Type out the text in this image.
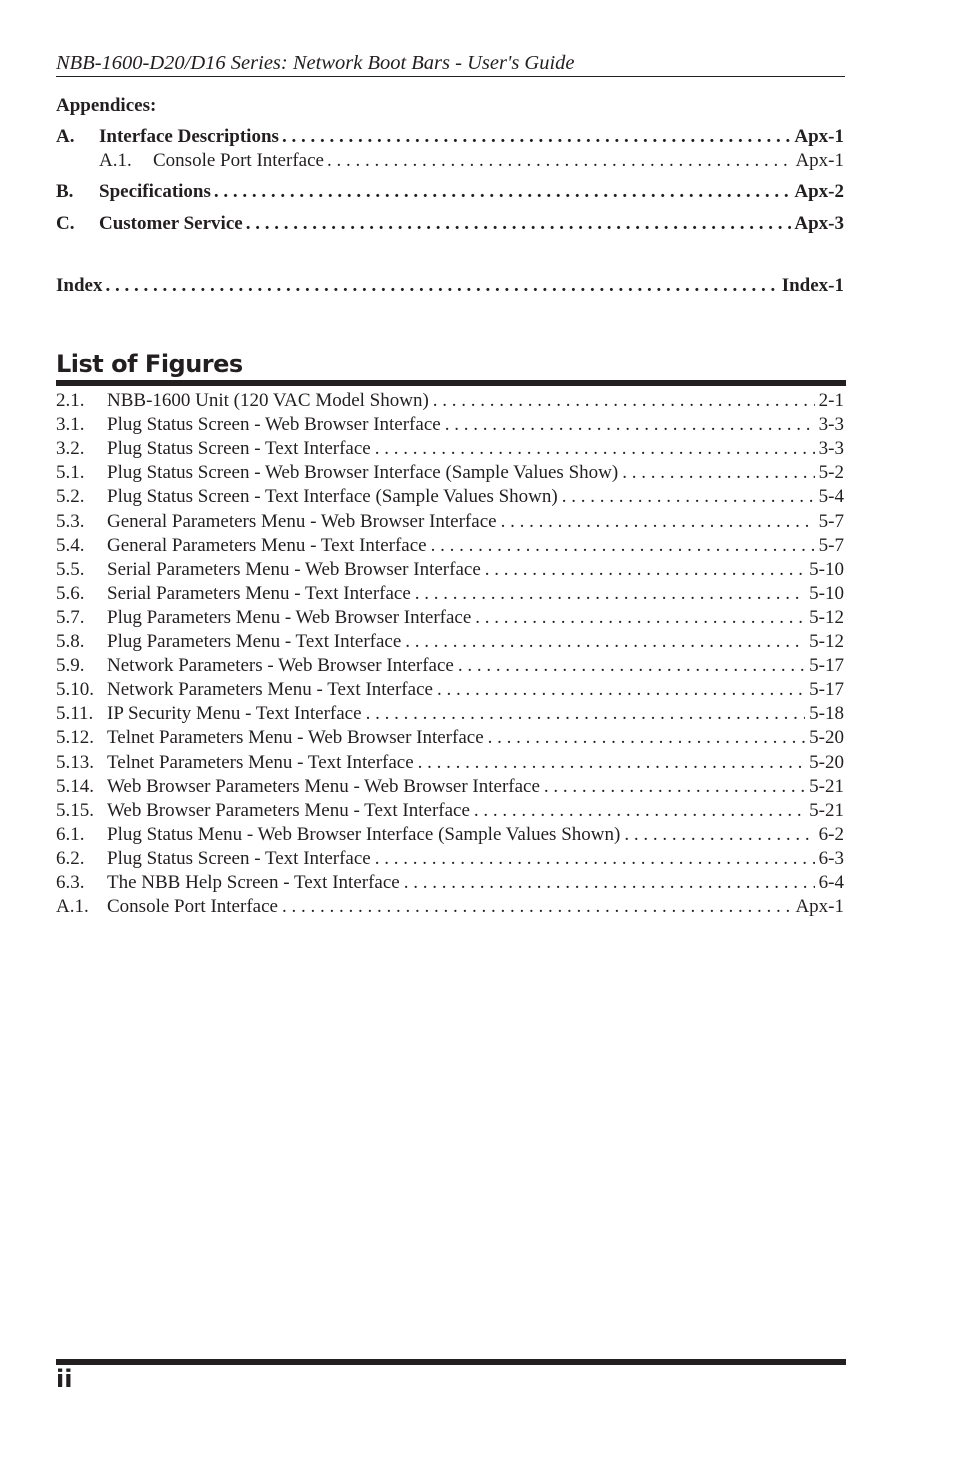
NBB-1600-D20/D16 Series: Network Boot Bars - User's Guide
Appendices:
A.	Interface Descriptions . . .	Apx-1
A.1.	Console Port Interface . . .	Apx-1
B.	Specifications . . .	Apx-2
C.	Customer Service . . .	Apx-3
Index . . .	Index-1
List of Figures
2.1.	NBB-1600 Unit (120 VAC Model Shown) . . .	2-1
3.1.	Plug Status Screen - Web Browser Interface . . .	3-3
3.2.	Plug Status Screen - Text Interface . . .	3-3
5.1.	Plug Status Screen - Web Browser Interface (Sample Values Show) . . .	5-2
5.2.	Plug Status Screen - Text Interface (Sample Values Shown) . . .	5-4
5.3.	General Parameters Menu - Web Browser Interface . . .	5-7
5.4.	General Parameters Menu - Text Interface . . .	5-7
5.5.	Serial Parameters Menu - Web Browser Interface . . .	5-10
5.6.	Serial Parameters Menu - Text Interface . . .	5-10
5.7.	Plug Parameters Menu - Web Browser Interface . . .	5-12
5.8.	Plug Parameters Menu - Text Interface . . .	5-12
5.9.	Network Parameters - Web Browser Interface . . .	5-17
5.10. Network Parameters Menu - Text Interface . . .	5-17
5.11. IP Security Menu - Text Interface . . .	5-18
5.12. Telnet Parameters Menu - Web Browser Interface . . .	5-20
5.13. Telnet Parameters Menu - Text Interface . . .	5-20
5.14. Web Browser Parameters Menu - Web Browser Interface . . .	5-21
5.15. Web Browser Parameters Menu - Text Interface . . .	5-21
6.1.	Plug Status Menu - Web Browser Interface (Sample Values Shown) . . .	6-2
6.2.	Plug Status Screen - Text Interface . . .	6-3
6.3.	The NBB Help Screen - Text Interface . . .	6-4
A.1. Console Port Interface . . .	Apx-1
ii
